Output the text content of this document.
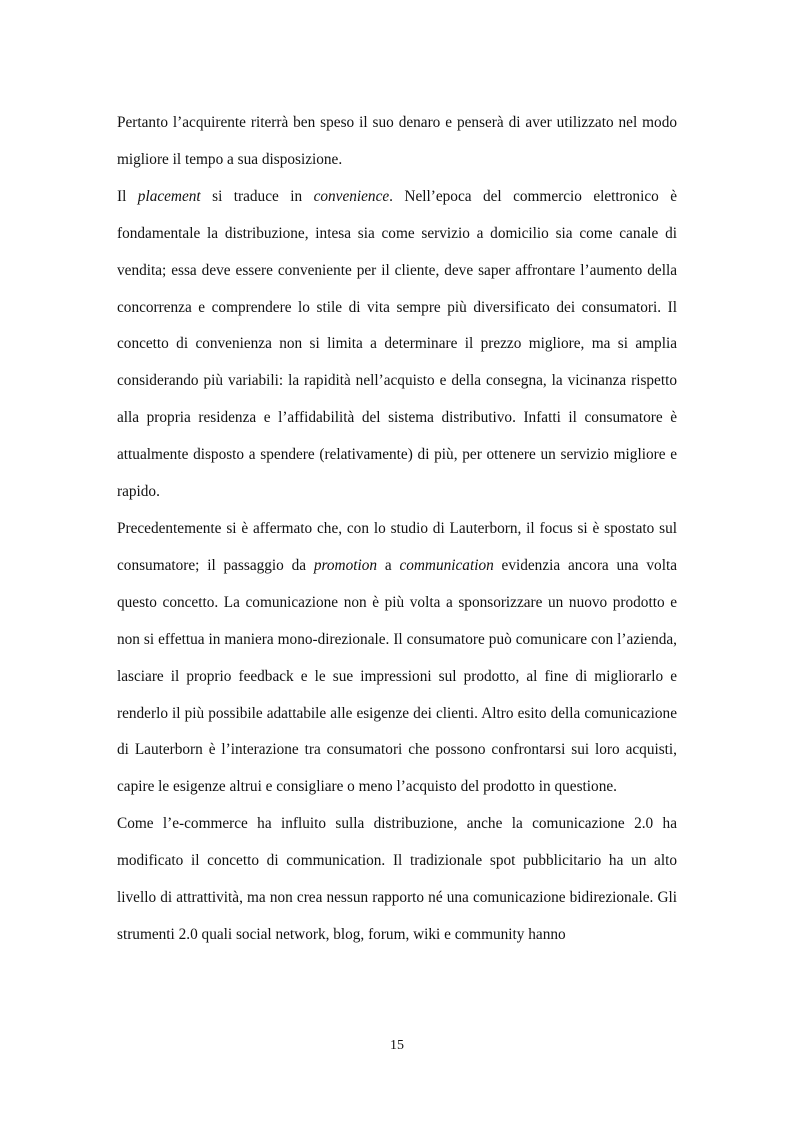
Pertanto l’acquirente riterrà ben speso il suo denaro e penserà di aver utilizzato nel modo migliore il tempo a sua disposizione.

Il placement si traduce in convenience. Nell’epoca del commercio elettronico è fondamentale la distribuzione, intesa sia come servizio a domicilio sia come canale di vendita; essa deve essere conveniente per il cliente, deve saper affrontare l’aumento della concorrenza e comprendere lo stile di vita sempre più diversificato dei consumatori. Il concetto di convenienza non si limita a determinare il prezzo migliore, ma si amplia considerando più variabili: la rapidità nell’acquisto e della consegna, la vicinanza rispetto alla propria residenza e l’affidabilità del sistema distributivo. Infatti il consumatore è attualmente disposto a spendere (relativamente) di più, per ottenere un servizio migliore e rapido.

Precedentemente si è affermato che, con lo studio di Lauterborn, il focus si è spostato sul consumatore; il passaggio da promotion a communication evidenzia ancora una volta questo concetto. La comunicazione non è più volta a sponsorizzare un nuovo prodotto e non si effettua in maniera mono-direzionale. Il consumatore può comunicare con l’azienda, lasciare il proprio feedback e le sue impressioni sul prodotto, al fine di migliorarlo e renderlo il più possibile adattabile alle esigenze dei clienti. Altro esito della comunicazione di Lauterborn è l’interazione tra consumatori che possono confrontarsi sui loro acquisti, capire le esigenze altrui e consigliare o meno l’acquisto del prodotto in questione.

Come l’e-commerce ha influito sulla distribuzione, anche la comunicazione 2.0 ha modificato il concetto di communication. Il tradizionale spot pubblicitario ha un alto livello di attrattività, ma non crea nessun rapporto né una comunicazione bidirezionale. Gli strumenti 2.0 quali social network, blog, forum, wiki e community hanno

15
